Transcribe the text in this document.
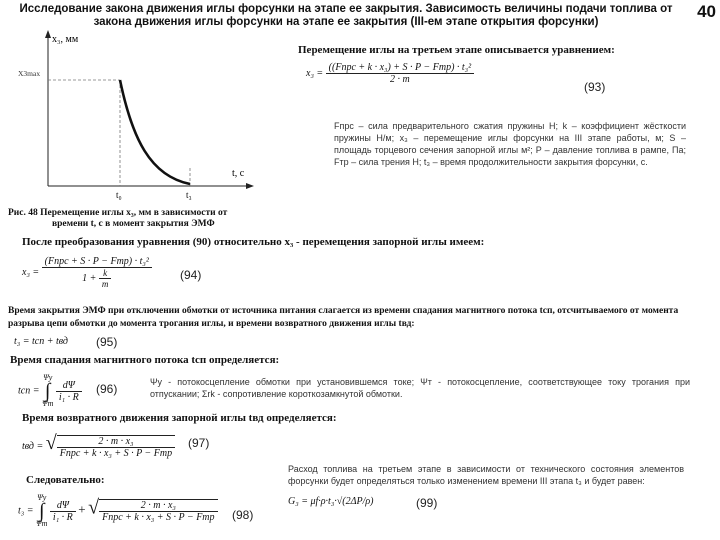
Исследование закона движения иглы форсунки на этапе ее закрытия. Зависимость величины подачи топлива от закона движения иглы форсунки на этапе ее закрытия (III-ем этапе открытия форсунки)
40
x₃, мм
X3max
t, c
t₀	t₃
Рис. 48 Перемещение иглы x₃, мм в зависимости от
времени t, с в момент закрытия ЭМФ
Перемещение иглы на третьем этапе описывается уравнением:
$x_3 = \frac{\text{((Fпрс + k · x₃) + S · P − Fтр) · t₃²}}{2 \cdot m}$
(93)
Fпрс – сила предварительного сжатия пружины Н; k – коэффициент жёсткости пружины Н/м; x₃ – перемещение иглы форсунки на III этапе работы, м; S – площадь торцевого сечения запорной иглы м²; P – давление топлива в рампе, Па; Fтр – сила трения Н; t₃ – время продолжительности закрытия форсунки, с.
После преобразования уравнения (90) относительно x₃ - перемещения запорной иглы имеем:
$x_3 = \frac{\text{(Fпрс + S · P − Fтр) · t₃²}}{1 + \frac{k}{m}} (94)$
Время закрытия ЭМФ при отключении обмотки от источника питания слагается из времени спадания магнитного потока tсп, отсчитываемого от момента разрыва цепи обмотки до момента трогания иглы, и времени возвратного движения иглы tвд:
t₃ = tсп + tвд (95)
Время спадания магнитного потока tсп определяется:
tсп =
Ψу
∫
Ψт

$\frac{d\Psi}{\text{i₁ · R}} (96)$	Ψу - потокосцепление обмотки при установившемся токе; Ψт - потокосцепление, соответствующее току трогания при отпускании; Σrk - сопротивление короткозамкнутой обмотки.
Время возвратного движения запорной иглы tвд определяется:
tвд = √ $\frac{\text{2 · m · x₃}}{\text{Fпрс + k · x₃ + S · P − Fтр}} (97)$
Следовательно:
t₃ =
Ψу
∫
Ψт

$\frac{d\Psi}{\text{i₁ · R}}$ + √ $\frac{\text{2 · m · x₃}}{\text{Fпрс + k · x₃ + S · P − Fтр}} (98)$
Расход топлива на третьем этапе в зависимости от технического состояния элементов форсунки будет определяться только изменением времени III этапа t₃ и будет равен:
G₃ = μf·ρ·t₃·√(2ΔP/ρ)	(99)
